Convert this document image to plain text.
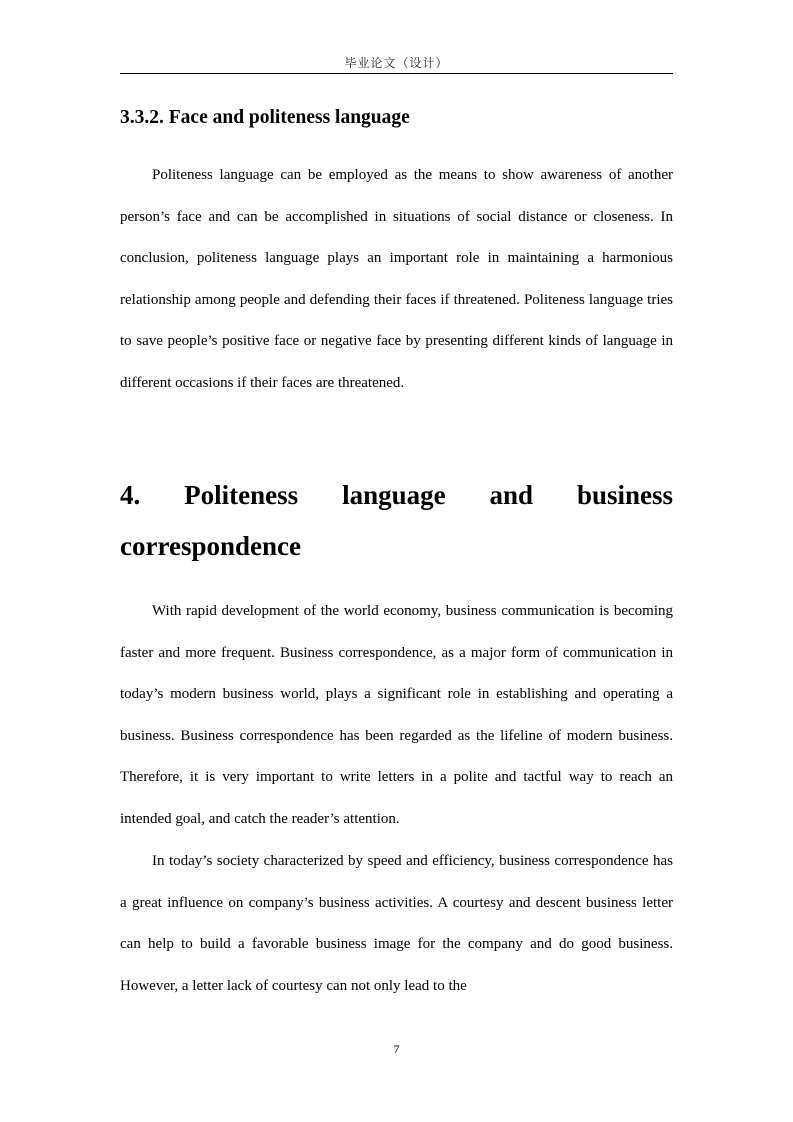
毕业论文（设计）
3.3.2. Face and politeness language

Politeness language can be employed as the means to show awareness of another person’s face and can be accomplished in situations of social distance or closeness. In conclusion, politeness language plays an important role in maintaining a harmonious relationship among people and defending their faces if threatened. Politeness language tries to save people’s positive face or negative face by presenting different kinds of language in different occasions if their faces are threatened.

4. Politeness language and business correspondence

With rapid development of the world economy, business communication is becoming faster and more frequent. Business correspondence, as a major form of communication in today’s modern business world, plays a significant role in establishing and operating a business. Business correspondence has been regarded as the lifeline of modern business. Therefore, it is very important to write letters in a polite and tactful way to reach an intended goal, and catch the reader’s attention.

In today’s society characterized by speed and efficiency, business correspondence has a great influence on company’s business activities. A courtesy and descent business letter can help to build a favorable business image for the company and do good business. However, a letter lack of courtesy can not only lead to the

7
